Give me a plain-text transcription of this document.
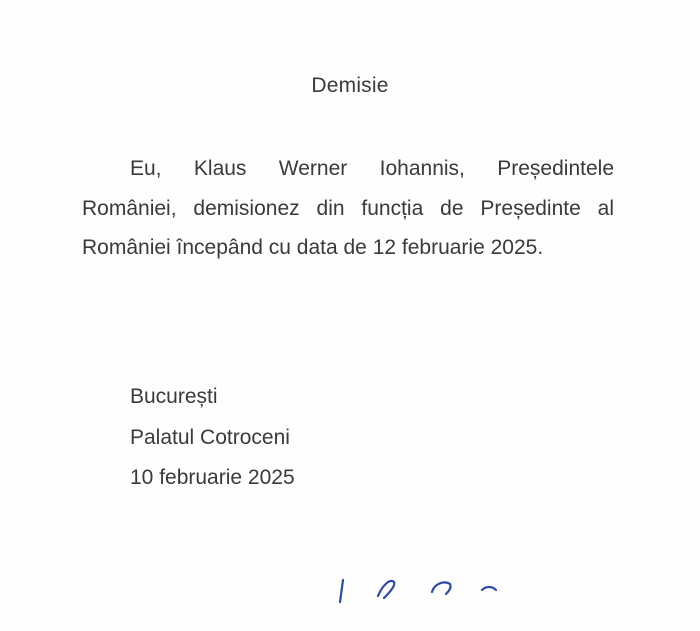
Demisie
Eu, Klaus Werner Iohannis, Președintele

României, demisionez din funcția de Președinte al

României începând cu data de 12 februarie 2025.

București
Palatul Cotroceni
10 februarie 2025
